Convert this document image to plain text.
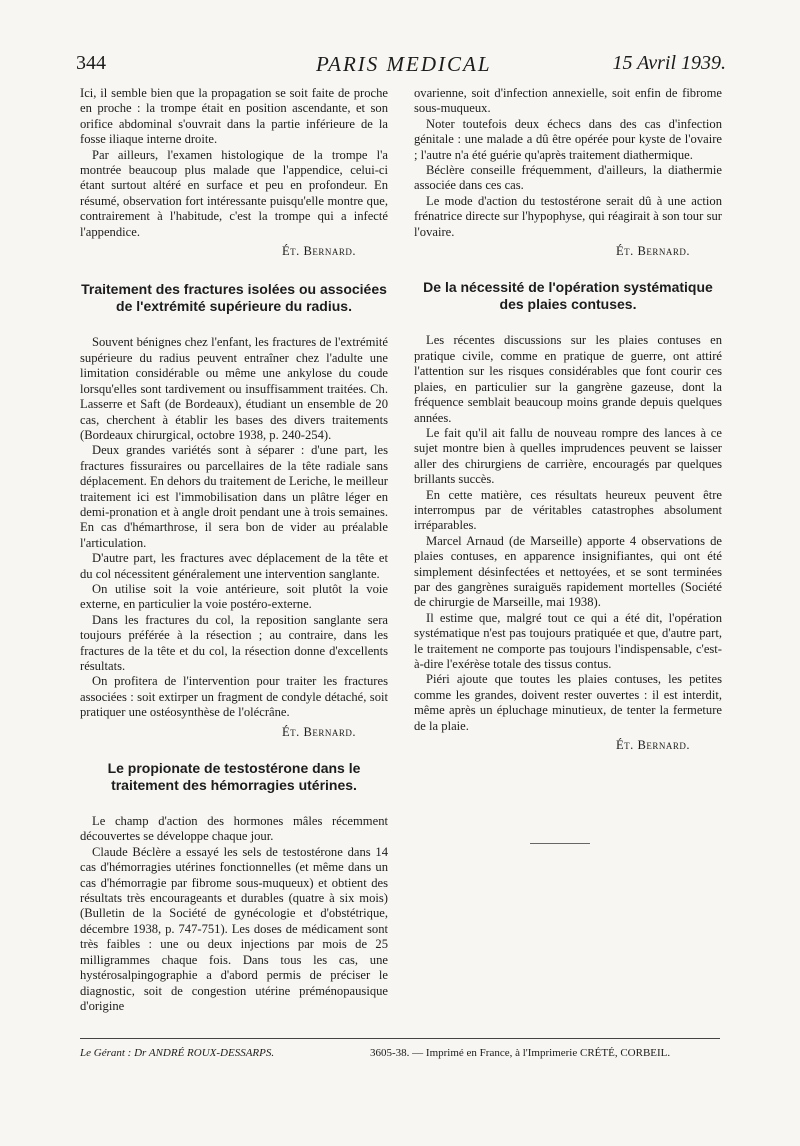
344	PARIS MEDICAL	15 Avril 1939.

Ici, il semble bien que la propagation se soit faite de proche en proche : la trompe était en position ascendante, et son orifice abdominal s'ouvrait dans la partie inférieure de la fosse iliaque interne droite.

Par ailleurs, l'examen histologique de la trompe l'a montrée beaucoup plus malade que l'appendice, celui-ci étant surtout altéré en surface et peu en profondeur. En résumé, observation fort intéressante puisqu'elle montre que, contrairement à l'habitude, c'est la trompe qui a infecté l'appendice.

Ét. Bernard.

Traitement des fractures isolées ou associées de l'extrémité supérieure du radius.

Souvent bénignes chez l'enfant, les fractures de l'extrémité supérieure du radius peuvent entraîner chez l'adulte une limitation considérable ou même une ankylose du coude lorsqu'elles sont tardivement ou insuffisamment traitées. Ch. Lasserre et Saft (de Bordeaux), étudiant un ensemble de 20 cas, cherchent à établir les bases des divers traitements (Bordeaux chirurgical, octobre 1938, p. 240-254).

Deux grandes variétés sont à séparer : d'une part, les fractures fissuraires ou parcellaires de la tête radiale sans déplacement. En dehors du traitement de Leriche, le meilleur traitement ici est l'immobilisation dans un plâtre léger en demi-pronation et à angle droit pendant une à trois semaines. En cas d'hémarthrose, il sera bon de vider au préalable l'articulation.

D'autre part, les fractures avec déplacement de la tête et du col nécessitent généralement une intervention sanglante.

On utilise soit la voie antérieure, soit plutôt la voie externe, en particulier la voie postéro-externe.

Dans les fractures du col, la reposition sanglante sera toujours préférée à la résection ; au contraire, dans les fractures de la tête et du col, la résection donne d'excellents résultats.

On profitera de l'intervention pour traiter les fractures associées : soit extirper un fragment de condyle détaché, soit pratiquer une ostéosynthèse de l'olécrâne.

Ét. Bernard.

Le propionate de testostérone dans le traitement des hémorragies utérines.

Le champ d'action des hormones mâles récemment découvertes se développe chaque jour.

Claude Béclère a essayé les sels de testostérone dans 14 cas d'hémorragies utérines fonctionnelles (et même dans un cas d'hémorragie par fibrome sous-muqueux) et obtient des résultats très encourageants et durables (quatre à six mois) (Bulletin de la Société de gynécologie et d'obstétrique, décembre 1938, p. 747-751). Les doses de médicament sont très faibles : une ou deux injections par mois de 25 milligrammes chaque fois. Dans tous les cas, une hystérosalpingographie a d'abord permis de préciser le diagnostic, soit de congestion utérine préménopausique d'origine

ovarienne, soit d'infection annexielle, soit enfin de fibrome sous-muqueux.

Noter toutefois deux échecs dans des cas d'infection génitale : une malade a dû être opérée pour kyste de l'ovaire ; l'autre n'a été guérie qu'après traitement diathermique.

Béclère conseille fréquemment, d'ailleurs, la diathermie associée dans ces cas.

Le mode d'action du testostérone serait dû à une action frénatrice directe sur l'hypophyse, qui réagirait à son tour sur l'ovaire.

Ét. Bernard.

De la nécessité de l'opération systématique des plaies contuses.

Les récentes discussions sur les plaies contuses en pratique civile, comme en pratique de guerre, ont attiré l'attention sur les risques considérables que font courir ces plaies, en particulier sur la gangrène gazeuse, dont la fréquence semblait beaucoup moins grande depuis quelques années.

Le fait qu'il ait fallu de nouveau rompre des lances à ce sujet montre bien à quelles imprudences peuvent se laisser aller des chirurgiens de carrière, encouragés par quelques brillants succès.

En cette matière, ces résultats heureux peuvent être interrompus par de véritables catastrophes absolument irréparables.

Marcel Arnaud (de Marseille) apporte 4 observations de plaies contuses, en apparence insignifiantes, qui ont été simplement désinfectées et nettoyées, et se sont terminées par des gangrènes suraiguës rapidement mortelles (Société de chirurgie de Marseille, mai 1938).

Il estime que, malgré tout ce qui a été dit, l'opération systématique n'est pas toujours pratiquée et que, d'autre part, le traitement ne comporte pas toujours l'indispensable, c'est-à-dire l'exérèse totale des tissus contus.

Piéri ajoute que toutes les plaies contuses, les petites comme les grandes, doivent rester ouvertes : il est interdit, même après un épluchage minutieux, de tenter la fermeture de la plaie.

Ét. Bernard.

Le Gérant : Dr ANDRÉ ROUX-DESSARPS.	3605-38. — Imprimé en France, à l'Imprimerie CRÉTÉ, CORBEIL.
